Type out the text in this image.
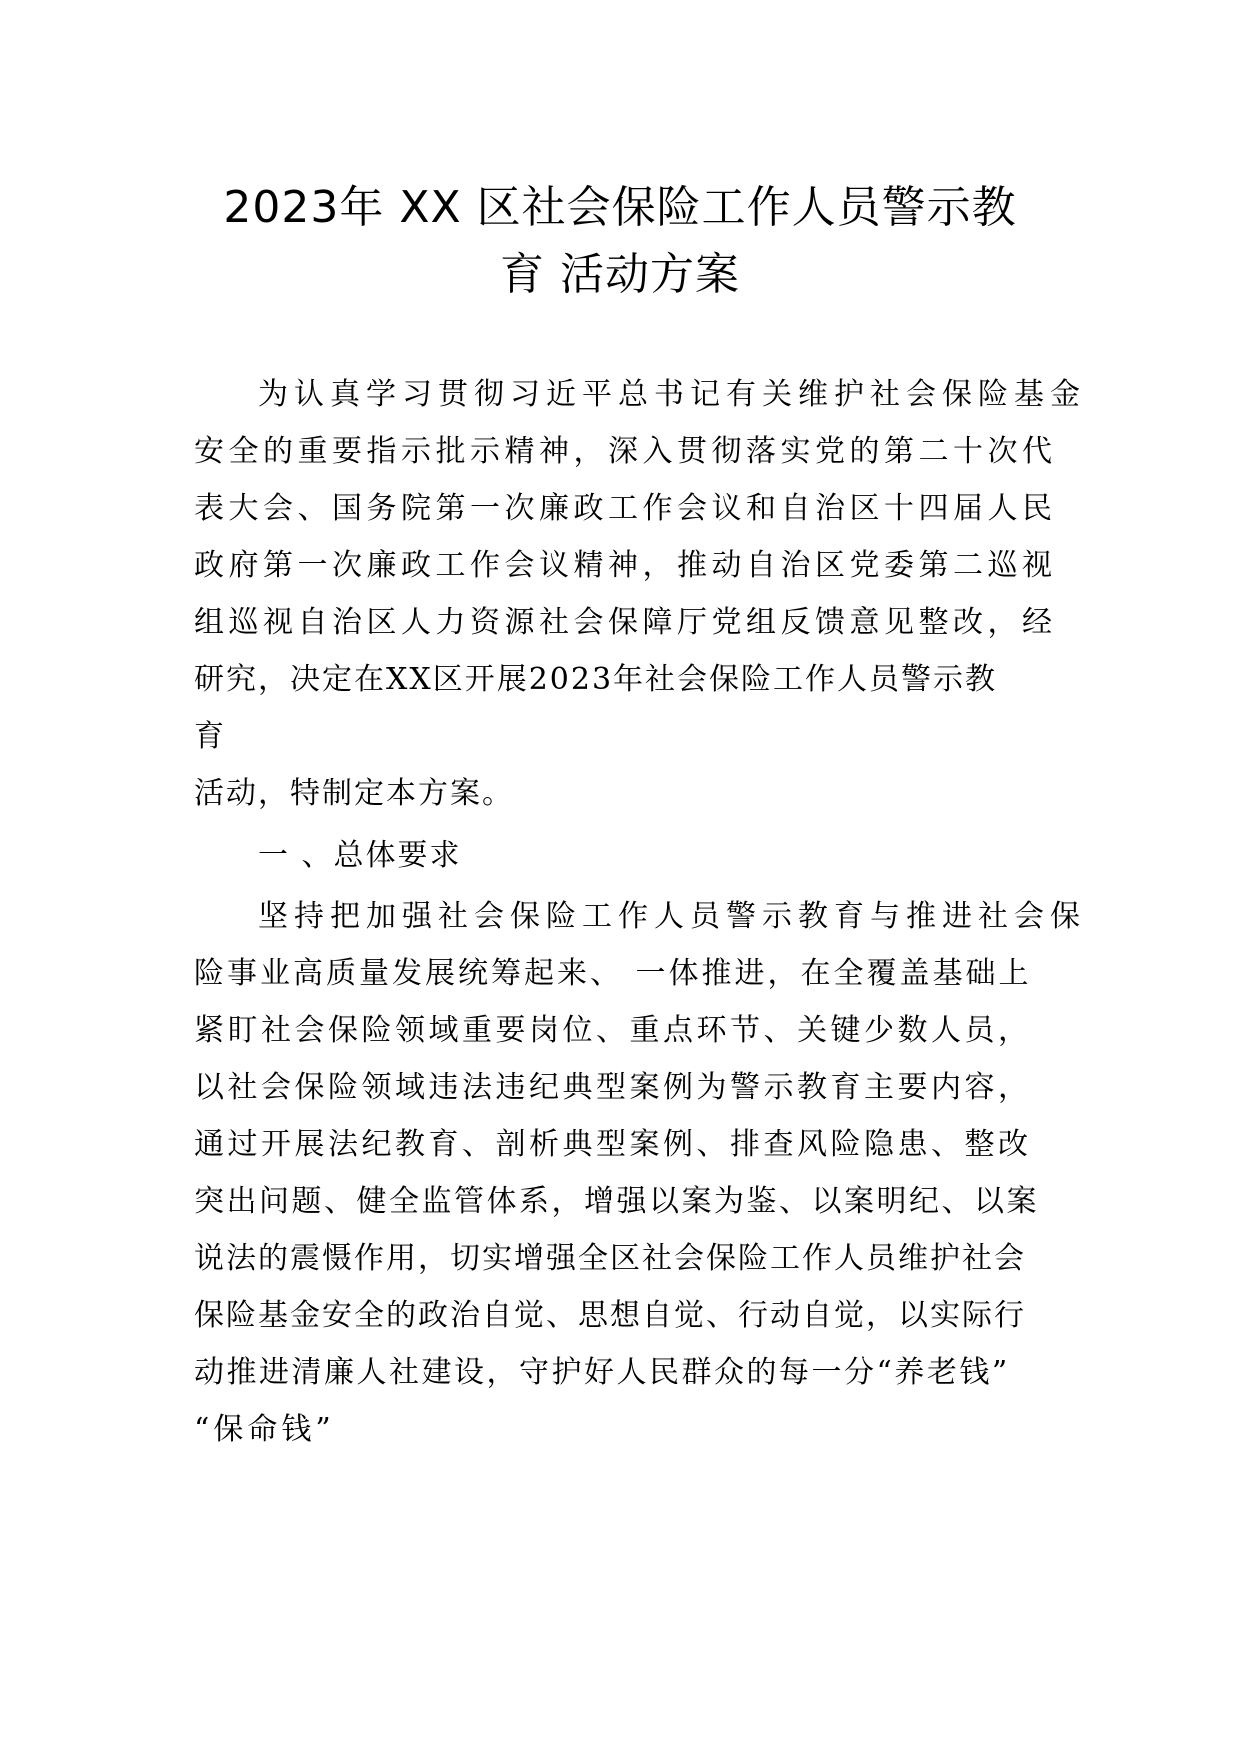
2023年 XX 区社会保险工作人员警示教
育 活动方案
为认真学习贯彻习近平总书记有关维护社会保险基金
安全的重要指示批示精神，深入贯彻落实党的第二十次代
表大会、国务院第一次廉政工作会议和自治区十四届人民
政府第一次廉政工作会议精神，推动自治区党委第二巡视
组巡视自治区人力资源社会保障厅党组反馈意见整改，经
研究，决定在XX区开展2023年社会保险工作人员警示教
育
活动，特制定本方案。
一 、总体要求
坚持把加强社会保险工作人员警示教育与推进社会保
险事业高质量发展统筹起来、 一体推进，在全覆盖基础上
紧盯社会保险领域重要岗位、重点环节、关键少数人员，
以社会保险领域违法违纪典型案例为警示教育主要内容，
通过开展法纪教育、剖析典型案例、排查风险隐患、整改
突出问题、健全监管体系，增强以案为鉴、以案明纪、以案
说法的震慑作用，切实增强全区社会保险工作人员维护社会
保险基金安全的政治自觉、思想自觉、行动自觉，以实际行
动推进清廉人社建设，守护好人民群众的每一分“养老钱”
“保命钱”
